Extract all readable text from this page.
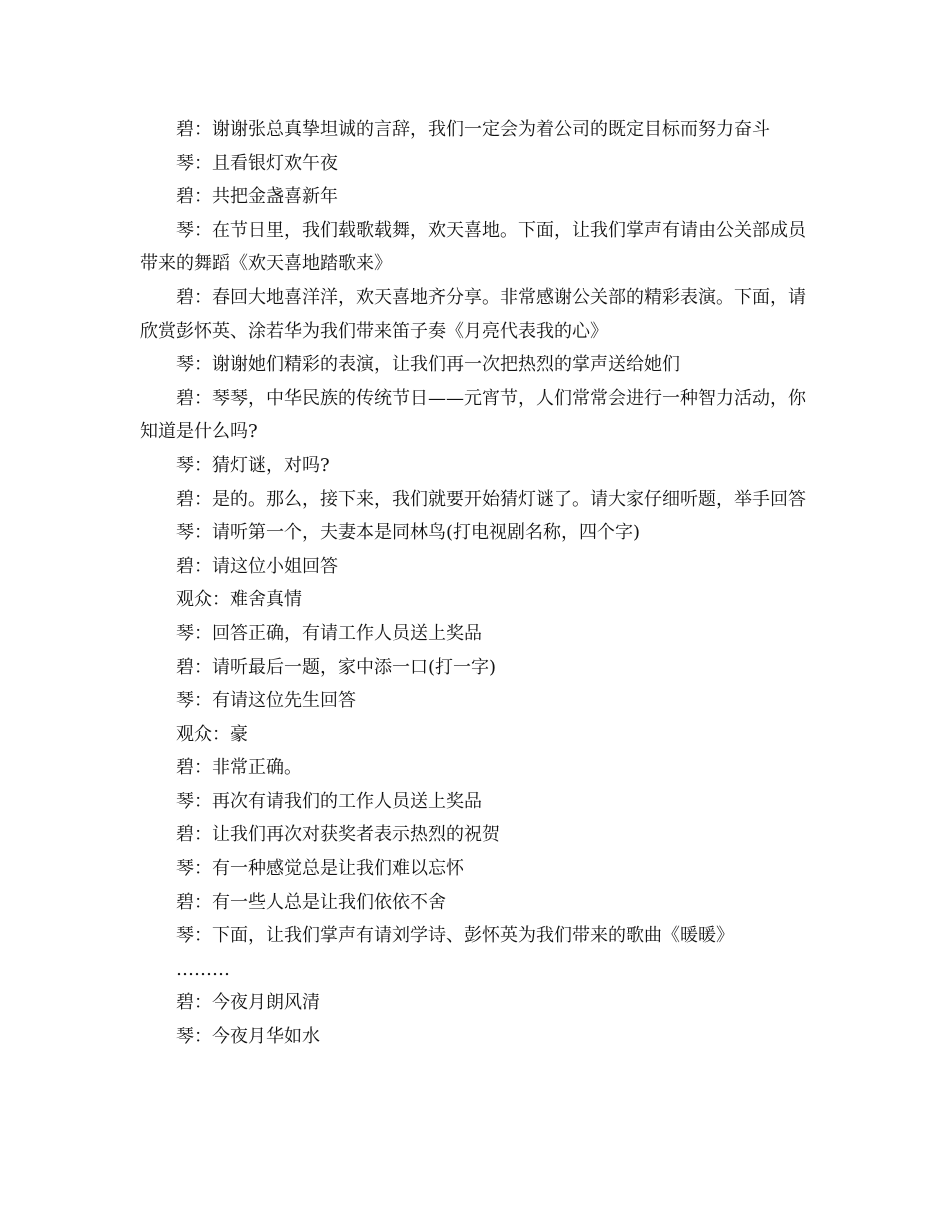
碧：谢谢张总真挚坦诚的言辞，我们一定会为着公司的既定目标而努力奋斗

琴：且看银灯欢午夜

碧：共把金盏喜新年

琴：在节日里，我们载歌载舞，欢天喜地。下面，让我们掌声有请由公关部成员带来的舞蹈《欢天喜地踏歌来》

碧：春回大地喜洋洋，欢天喜地齐分享。非常感谢公关部的精彩表演。下面，请欣赏彭怀英、涂若华为我们带来笛子奏《月亮代表我的心》

琴：谢谢她们精彩的表演，让我们再一次把热烈的掌声送给她们

碧：琴琴，中华民族的传统节日——元宵节，人们常常会进行一种智力活动，你知道是什么吗?

琴：猜灯谜，对吗?

碧：是的。那么，接下来，我们就要开始猜灯谜了。请大家仔细听题，举手回答

琴：请听第一个，夫妻本是同林鸟(打电视剧名称，四个字)

碧：请这位小姐回答

观众：难舍真情

琴：回答正确，有请工作人员送上奖品

碧：请听最后一题，家中添一口(打一字)

琴：有请这位先生回答

观众：豪

碧：非常正确。

琴：再次有请我们的工作人员送上奖品

碧：让我们再次对获奖者表示热烈的祝贺

琴：有一种感觉总是让我们难以忘怀

碧：有一些人总是让我们依依不舍

琴：下面，让我们掌声有请刘学诗、彭怀英为我们带来的歌曲《暖暖》

………

碧：今夜月朗风清

琴：今夜月华如水
